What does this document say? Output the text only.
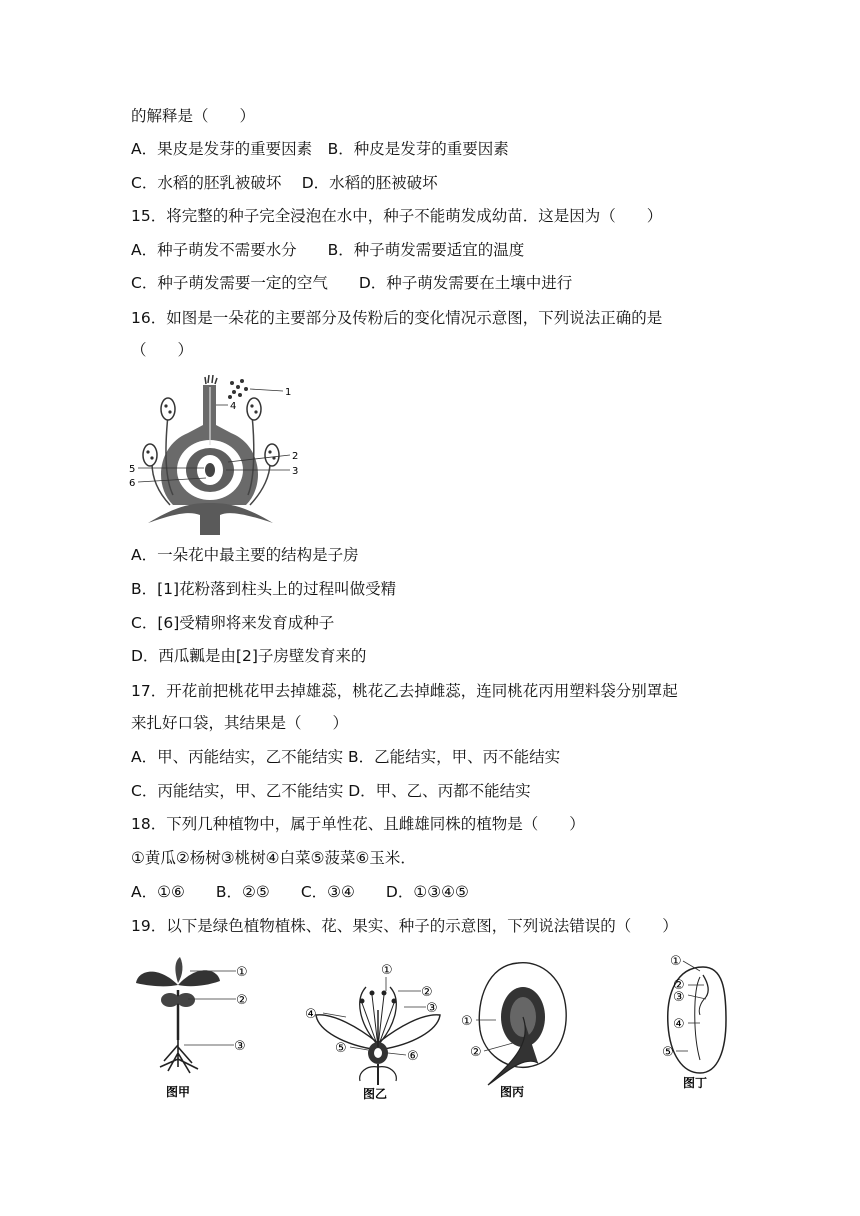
的解释是（　　）
A．果皮是发芽的重要因素　B．种皮是发芽的重要因素
C．水稻的胚乳被破坏　 D．水稻的胚被破坏
15．将完整的种子完全浸泡在水中，种子不能萌发成幼苗．这是因为（　　）
A．种子萌发不需要水分　　B．种子萌发需要适宜的温度
C．种子萌发需要一定的空气　　D．种子萌发需要在土壤中进行
16．如图是一朵花的主要部分及传粉后的变化情况示意图，下列说法正确的是
（　　）
1
4
2
3
5
6
A．一朵花中最主要的结构是子房
B．[1]花粉落到柱头上的过程叫做受精
C．[6]受精卵将来发育成种子
D．西瓜瓤是由[2]子房壁发育来的
17．开花前把桃花甲去掉雄蕊，桃花乙去掉雌蕊，连同桃花丙用塑料袋分别罩起
来扎好口袋，其结果是（　　）
A．甲、丙能结实，乙不能结实 B．乙能结实，甲、丙不能结实
C．丙能结实，甲、乙不能结实 D．甲、乙、丙都不能结实
18．下列几种植物中，属于单性花、且雌雄同株的植物是（　　）
①黄瓜②杨树③桃树④白菜⑤菠菜⑥玉米．
A．①⑥　　B．②⑤　　C．③④　　D．①③④⑤
19．以下是绿色植物植株、花、果实、种子的示意图，下列说法错误的（　　）
①
②
③
图甲
①
②
③
④
⑤
⑥
图乙
①
②
图丙
①
②
③
④
⑤
图丁
